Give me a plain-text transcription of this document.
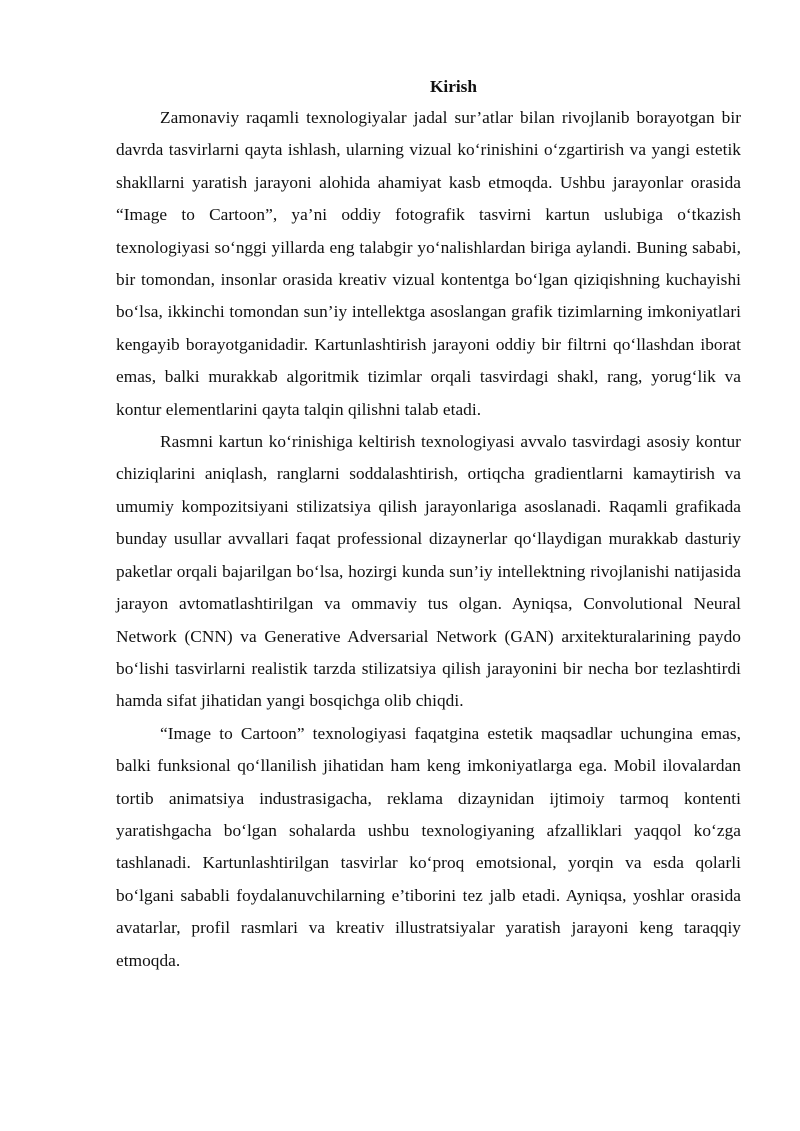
Kirish

Zamonaviy raqamli texnologiyalar jadal sur’atlar bilan rivojlanib borayotgan bir davrda tasvirlarni qayta ishlash, ularning vizual ko‘rinishini o‘zgartirish va yangi estetik shakllarni yaratish jarayoni alohida ahamiyat kasb etmoqda. Ushbu jarayonlar orasida “Image to Cartoon”, ya’ni oddiy fotografik tasvirni kartun uslubiga o‘tkazish texnologiyasi so‘nggi yillarda eng talabgir yo‘nalishlardan biriga aylandi. Buning sababi, bir tomondan, insonlar orasida kreativ vizual kontentga bo‘lgan qiziqishning kuchayishi bo‘lsa, ikkinchi tomondan sun’iy intellektga asoslangan grafik tizimlarning imkoniyatlari kengayib borayotganidadir. Kartunlashtirish jarayoni oddiy bir filtrni qo‘llashdan iborat emas, balki murakkab algoritmik tizimlar orqali tasvirdagi shakl, rang, yorug‘lik va kontur elementlarini qayta talqin qilishni talab etadi.

Rasmni kartun ko‘rinishiga keltirish texnologiyasi avvalo tasvirdagi asosiy kontur chiziqlarini aniqlash, ranglarni soddalashtirish, ortiqcha gradientlarni kamaytirish va umumiy kompozitsiyani stilizatsiya qilish jarayonlariga asoslanadi. Raqamli grafikada bunday usullar avvallari faqat professional dizaynerlar qo‘llaydigan murakkab dasturiy paketlar orqali bajarilgan bo‘lsa, hozirgi kunda sun’iy intellektning rivojlanishi natijasida jarayon avtomatlashtirilgan va ommaviy tus olgan. Ayniqsa, Convolutional Neural Network (CNN) va Generative Adversarial Network (GAN) arxitekturalarining paydo bo‘lishi tasvirlarni realistik tarzda stilizatsiya qilish jarayonini bir necha bor tezlashtirdi hamda sifat jihatidan yangi bosqichga olib chiqdi.

“Image to Cartoon” texnologiyasi faqatgina estetik maqsadlar uchungina emas, balki funksional qo‘llanilish jihatidan ham keng imkoniyatlarga ega. Mobil ilovalardan tortib animatsiya industrasigacha, reklama dizaynidan ijtimoiy tarmoq kontenti yaratishgacha bo‘lgan sohalarda ushbu texnologiyaning afzalliklari yaqqol ko‘zga tashlanadi. Kartunlashtirilgan tasvirlar ko‘proq emotsional, yorqin va esda qolarli bo‘lgani sababli foydalanuvchilarning e’tiborini tez jalb etadi. Ayniqsa, yoshlar orasida avatarlar, profil rasmlari va kreativ illustratsiyalar yaratish jarayoni keng taraqqiy etmoqda.
